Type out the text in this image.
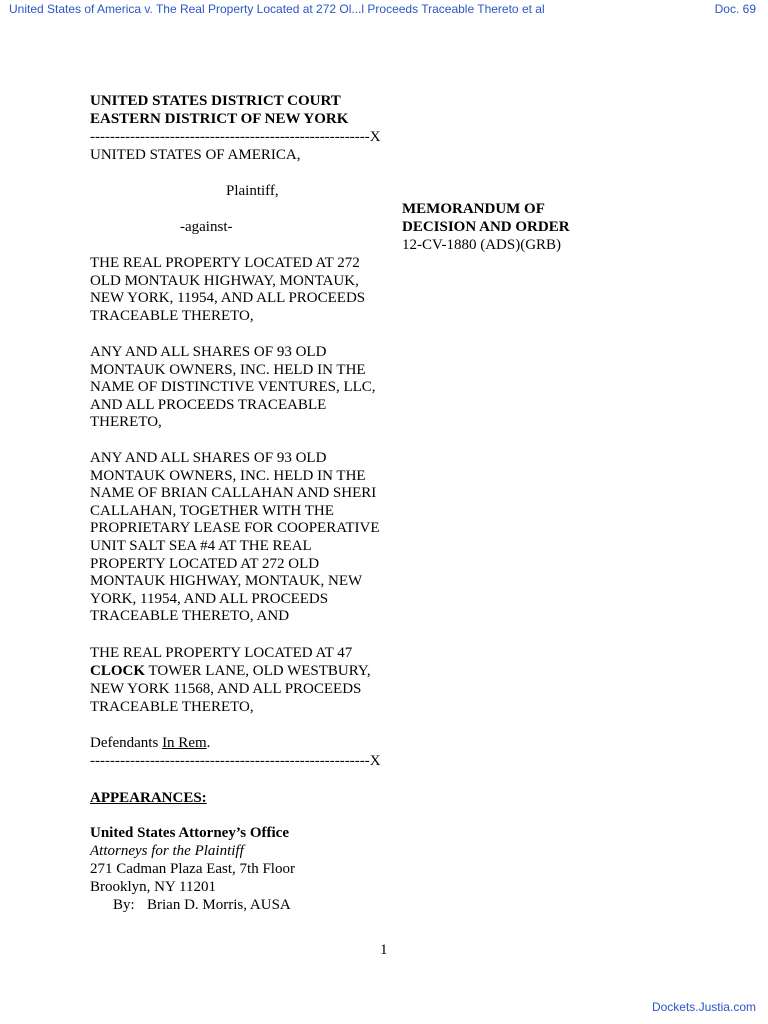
United States of America v. The Real Property Located at 272 Ol...l Proceeds Traceable Thereto et al	Doc. 69
UNITED STATES DISTRICT COURT
EASTERN DISTRICT OF NEW YORK
--------------------------------------------------------X
UNITED STATES OF AMERICA,
Plaintiff,
-against-
MEMORANDUM OF
DECISION AND ORDER
12-CV-1880 (ADS)(GRB)
THE REAL PROPERTY LOCATED AT 272
OLD MONTAUK HIGHWAY, MONTAUK,
NEW YORK, 11954, AND ALL PROCEEDS
TRACEABLE THERETO,
ANY AND ALL SHARES OF 93 OLD
MONTAUK OWNERS, INC. HELD IN THE
NAME OF DISTINCTIVE VENTURES, LLC,
AND ALL PROCEEDS TRACEABLE
THERETO,
ANY AND ALL SHARES OF 93 OLD
MONTAUK OWNERS, INC. HELD IN THE
NAME OF BRIAN CALLAHAN AND SHERI
CALLAHAN, TOGETHER WITH THE
PROPRIETARY LEASE FOR COOPERATIVE
UNIT SALT SEA #4 AT THE REAL
PROPERTY LOCATED AT 272 OLD
MONTAUK HIGHWAY, MONTAUK, NEW
YORK, 11954, AND ALL PROCEEDS
TRACEABLE THERETO, AND
THE REAL PROPERTY LOCATED AT 47
CLOCK TOWER LANE, OLD WESTBURY,
NEW YORK 11568, AND ALL PROCEEDS
TRACEABLE THERETO,
Defendants In Rem.
--------------------------------------------------------X
APPEARANCES:
United States Attorney’s Office
Attorneys for the Plaintiff
271 Cadman Plaza East, 7th Floor
Brooklyn, NY 11201
By: Brian D. Morris, AUSA
1
Dockets.Justia.com
